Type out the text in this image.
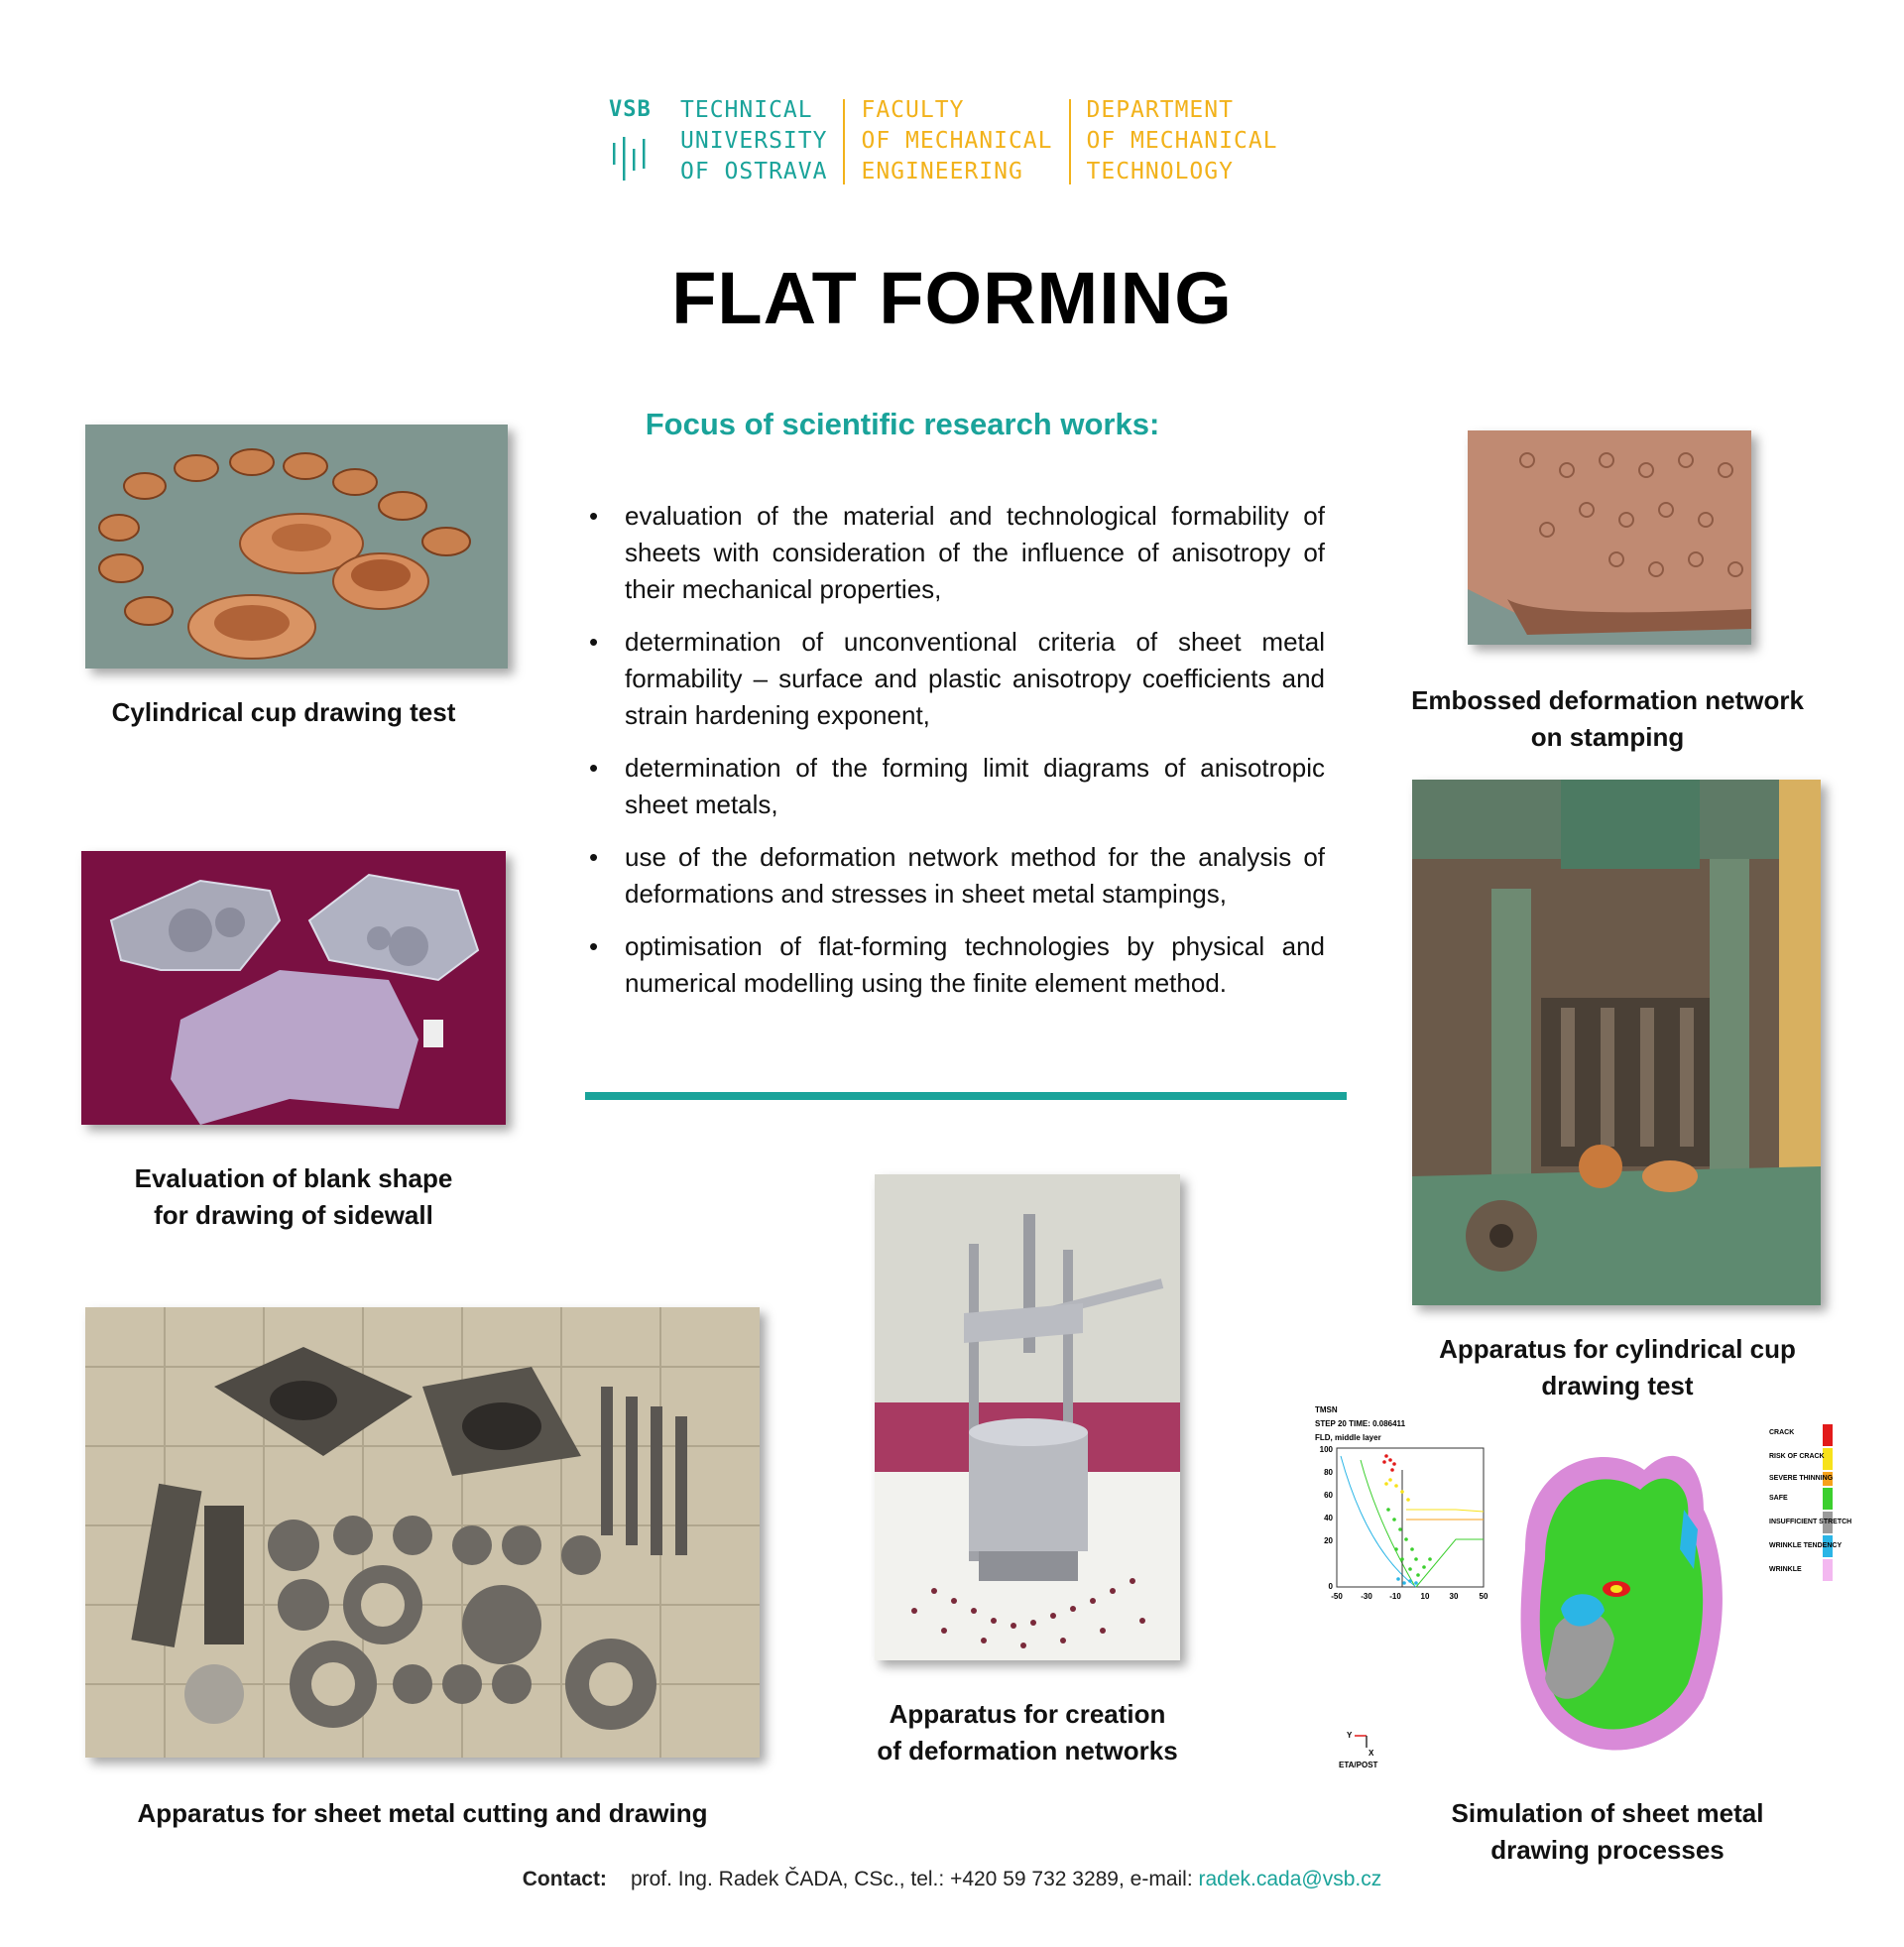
VSB TECHNICAL
UNIVERSITY
OF OSTRAVA
FACULTY
OF MECHANICAL
ENGINEERING
DEPARTMENT
OF MECHANICAL
TECHNOLOGY
FLAT FORMING
Focus of scientific research works:
• evaluation of the material and technological formability of sheets with consideration of the influence of anisotropy of their mechanical properties,
• determination of unconventional criteria of sheet metal formability – surface and plastic anisotropy coefficients and strain hardening exponent,
• determination of the forming limit diagrams of anisotropic sheet metals,
• use of the deformation network method for the analysis of deformations and stresses in sheet metal stampings,
• optimisation of flat-forming technologies by physical and numerical modelling using the finite element method.
Cylindrical cup drawing test
Evaluation of blank shape
for drawing of sidewall
Apparatus for sheet metal cutting and drawing
Apparatus for creation
of deformation networks
Embossed deformation network
on stamping
Apparatus for cylindrical cup
drawing test
TMSN
STEP 20 TIME: 0.086411
FLD, middle layer
100
80
60
40
20
0
-50 -30 -10 10	30	50
CRACK
RISK OF CRACK
SEVERE THINNING
SAFE
INSUFFICIENT STRETCH
WRINKLE TENDENCY
WRINKLE
Y
X
ETA/POST
Simulation of sheet metal
drawing processes
Contact: prof. Ing. Radek ČADA, CSc., tel.: +420 59 732 3289, e-mail: radek.cada@vsb.cz
